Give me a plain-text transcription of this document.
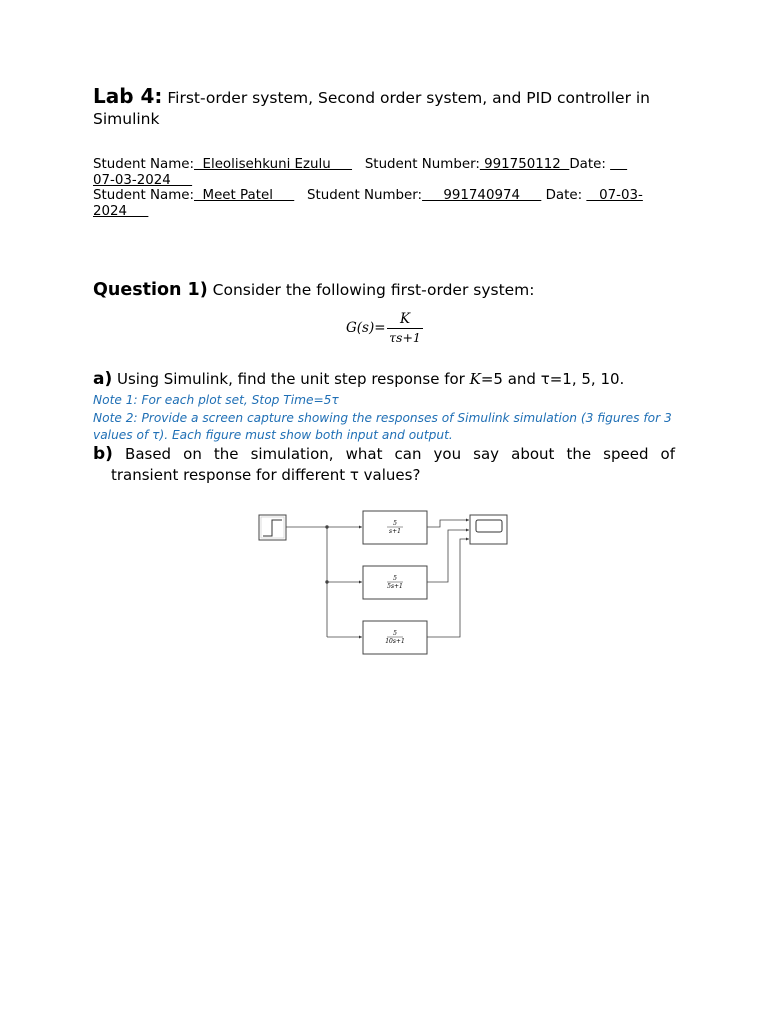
Lab 4: First-order system, Second order system, and PID controller in Simulink

Student Name:  Eleolisehkuni Ezulu        Student Number: 991750112  Date:
07-03-2024

Student Name:  Meet Patel        Student Number:     991740974      Date:    07-03-
2024

Question 1) Consider the following first-order system:
G(s)=
K
τs+1
a) Using Simulink, find the unit step response for K=5 and τ=1, 5, 10.
Note 1: For each plot set, Stop Time=5τ
Note 2: Provide a screen capture showing the responses of Simulink simulation (3 figures for 3 values of τ). Each figure must show both input and output.
b) Based on the simulation, what can you say about the speed of
transient response for different τ values?
5
s+1
5
5s+1
5
10s+1
